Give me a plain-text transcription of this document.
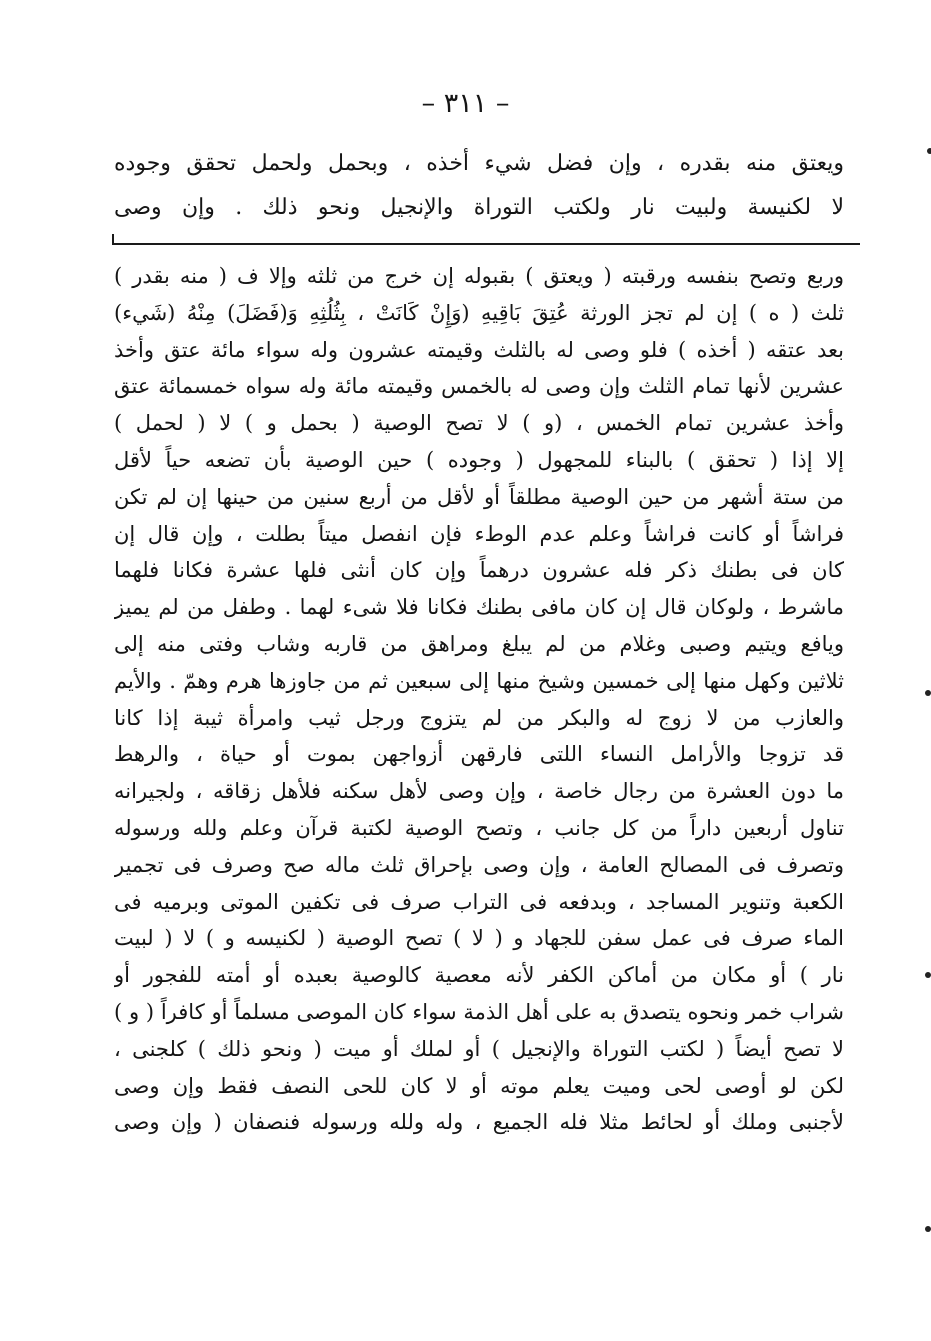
– ٣١١ –
ويعتق منه بقدره ، وإن فضل شيء أخذه ، وبحمل ولحمل تحقق وجوده
لا لكنيسة ولبيت نار ولكتب التوراة والإنجيل ونحو ذلك . وإن وصى
وربع وتصح بنفسه ورقبته ( ويعتق ) بقبوله إن خرج من ثلثه وإلا ف ( منه بقدر )
ثلث ( ه ) إن لم تجز الورثة عُتِقَ بَاقِيهِ (وَإِنْ كَانَتْ ، بِثُلُثِهِ وَ(فَضَلَ) مِنْهُ (شَيء)
بعد عتقه ( أخذه ) فلو وصى له بالثلث وقيمته عشرون وله سواء مائة عتق وأخذ
عشرين لأنها تمام الثلث وإن وصى له بالخمس وقيمته مائة وله سواه خمسمائة عتق
وأخذ عشرين تمام الخمس ، (و ) لا تصح الوصية ( بحمل و ) لا ( لحمل )
إلا إذا ( تحقق ) بالبناء للمجهول ( وجوده ) حين الوصية بأن تضعه حياً لأقل
من ستة أشهر من حين الوصية مطلقاً أو لأقل من أربع سنين من حينها إن لم تكن
فراشاً أو كانت فراشاً وعلم عدم الوطء فإن انفصل ميتاً بطلت ، وإن قال إن
كان فى بطنك ذكر فله عشرون درهماً وإن كان أنثى فلها عشرة فكانا فلهما
ماشرط ، ولوكان قال إن كان مافى بطنك فكانا فلا شىء لهما . وطفل من لم يميز
ويافع ويتيم وصبى وغلام من لم يبلغ ومراهق من قاربه وشاب وفتى منه إلى
ثلاثين وكهل منها إلى خمسين وشيخ منها إلى سبعين ثم من جاوزها هرم وهمّ . والأيم
والعازب من لا زوج له والبكر من لم يتزوج ورجل ثيب وامرأة ثيبة إذا كانا
قد تزوجا والأرامل النساء اللتى فارقهن أزواجهن بموت أو حياة ، والرهط
ما دون العشرة من رجال خاصة ، وإن وصى لأهل سكنه فلأهل زقاقه ، ولجيرانه
تناول أربعين داراً من كل جانب ، وتصح الوصية لكتبة قرآن وعلم ولله ورسوله
وتصرف فى المصالح العامة ، وإن وصى بإحراق ثلث ماله صح وصرف فى تجمير
الكعبة وتنوير المساجد ، وبدفعه فى التراب صرف فى تكفين الموتى وبرميه فى
الماء صرف فى عمل سفن للجهاد و ( لا ) تصح الوصية ( لكنيسه و ) لا ( لبيت
نار ) أو مكان من أماكن الكفر لأنه معصية كالوصية بعبده أو أمته للفجور أو
شراب خمر ونحوه يتصدق به على أهل الذمة سواء كان الموصى مسلماً أو كافراً ( و )
لا تصح أيضاً ( لكتب التوراة والإنجيل ) أو لملك أو ميت ( ونحو ذلك ) كلجنى ،
لكن لو أوصى لحى وميت يعلم موته أو لا كان للحى النصف فقط وإن وصى
لأجنبى وملك أو لحائط مثلا فله الجميع ، وله ولله ورسوله فنصفان ( وإن وصى
